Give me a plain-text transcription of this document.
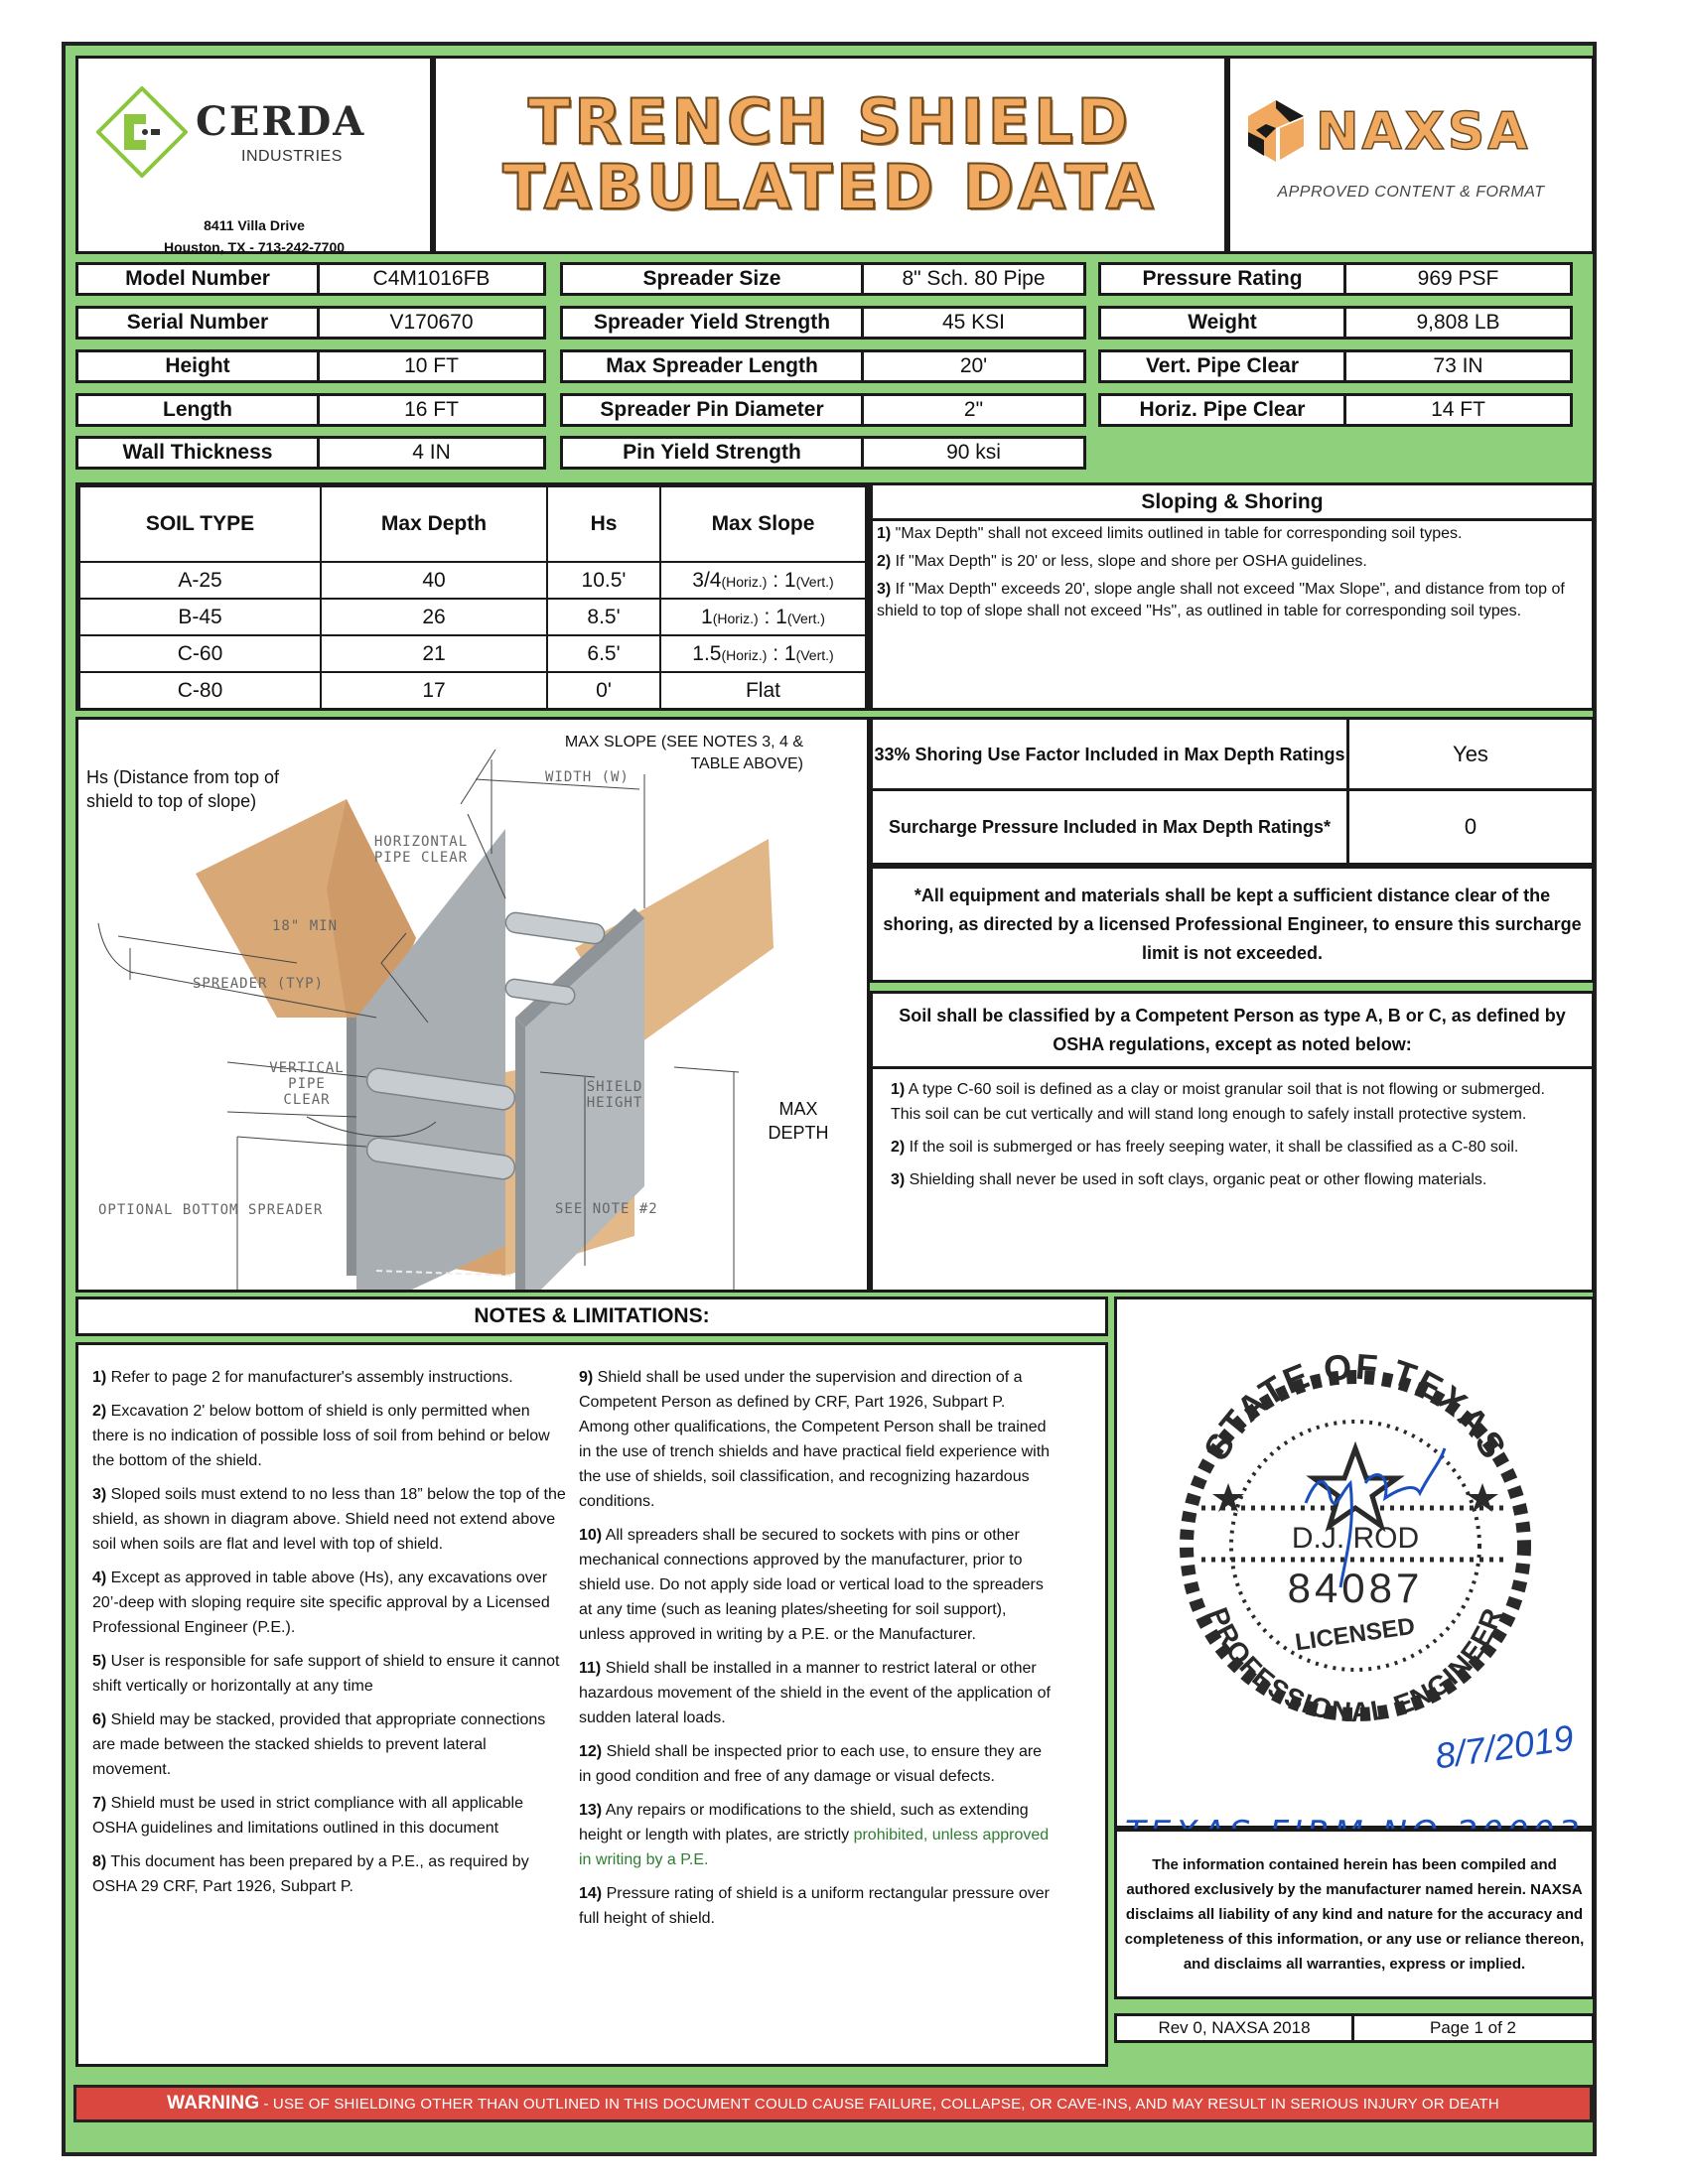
CERDA
INDUSTRIES
8411 Villa Drive
Houston, TX - 713-242-7700
TRENCH SHIELD
TABULATED DATA
NAXSA
APPROVED CONTENT & FORMAT
Model Number	C4M1016FB
Serial Number	V170670
Height	10 FT
Length	16 FT
Wall Thickness	4 IN
Spreader Size	8" Sch. 80 Pipe
Spreader Yield Strength	45 KSI
Max Spreader Length	20'
Spreader Pin Diameter	2"
Pin Yield Strength	90 ksi
Pressure Rating	969 PSF
Weight	9,808 LB
Vert. Pipe Clear	73 IN
Horiz. Pipe Clear	14 FT
SOIL TYPE	Max Depth	Hs	Max Slope
A-25	40	10.5'	3/4(Horiz.) : 1(Vert.)
B-45	26	8.5'	1(Horiz.) : 1(Vert.)
C-60	21	6.5'	1.5(Horiz.) : 1(Vert.)
C-80	17	0'	Flat
Sloping & Shoring

1) "Max Depth" shall not exceed limits outlined in table for corresponding soil types.

2) If "Max Depth" is 20' or less, slope and shore per OSHA guidelines.

3) If "Max Depth" exceeds 20', slope angle shall not exceed "Max Slope", and distance from top of shield to top of slope shall not exceed "Hs", as outlined in table for corresponding soil types.

Hs (Distance from top of shield to top of slope)
MAX SLOPE (SEE NOTES 3, 4 & TABLE ABOVE)
WIDTH (W)
HORIZONTAL PIPE CLEAR
18" MIN
SPREADER (TYP)
VERTICAL PIPE CLEAR
SHIELD HEIGHT	MAX DEPTH
OPTIONAL BOTTOM SPREADER	SEE NOTE #2
33% Shoring Use Factor Included in Max Depth Ratings	Yes
Surcharge Pressure Included in Max Depth Ratings*	0
*All equipment and materials shall be kept a sufficient distance clear of the shoring, as directed by a licensed Professional Engineer, to ensure this surcharge limit is not exceeded.
Soil shall be classified by a Competent Person as type A, B or C, as defined by OSHA regulations, except as noted below:

1) A type C-60 soil is defined as a clay or moist granular soil that is not flowing or submerged. This soil can be cut vertically and will stand long enough to safely install protective system.

2) If the soil is submerged or has freely seeping water, it shall be classified as a C-80 soil.

3) Shielding shall never be used in soft clays, organic peat or other flowing materials.

NOTES & LIMITATIONS:

1) Refer to page 2 for manufacturer's assembly instructions.

2) Excavation 2' below bottom of shield is only permitted when there is no indication of possible loss of soil from behind or below the bottom of the shield.

3) Sloped soils must extend to no less than 18” below the top of the shield, as shown in diagram above. Shield need not extend above soil when soils are flat and level with top of shield.

4) Except as approved in table above (Hs), any excavations over 20’-deep with sloping require site specific approval by a Licensed Professional Engineer (P.E.).

5) User is responsible for safe support of shield to ensure it cannot shift vertically or horizontally at any time

6) Shield may be stacked, provided that appropriate connections are made between the stacked shields to prevent lateral movement.

7) Shield must be used in strict compliance with all applicable OSHA guidelines and limitations outlined in this document

8) This document has been prepared by a P.E., as required by OSHA 29 CRF, Part 1926, Subpart P.

9) Shield shall be used under the supervision and direction of a Competent Person as defined by CRF, Part 1926, Subpart P. Among other qualifications, the Competent Person shall be trained in the use of trench shields and have practical field experience with the use of shields, soil classification, and recognizing hazardous conditions.

10) All spreaders shall be secured to sockets with pins or other mechanical connections approved by the manufacturer, prior to shield use. Do not apply side load or vertical load to the spreaders at any time (such as leaning plates/sheeting for soil support), unless approved in writing by a P.E. or the Manufacturer.

11) Shield shall be installed in a manner to restrict lateral or other hazardous movement of the shield in the event of the application of sudden lateral loads.

12) Shield shall be inspected prior to each use, to ensure they are in good condition and free of any damage or visual defects.

13) Any repairs or modifications to the shield, such as extending height or length with plates, are strictly prohibited, unless approved in writing by a P.E.

14) Pressure rating of shield is a uniform rectangular pressure over full height of shield.

STATE OF TEXAS
PROFESSIONAL ENGINEER
D.J. ROD
84087
LICENSED
8/7/2019
The information contained herein has been compiled and authored exclusively by the manufacturer named herein. NAXSA disclaims all liability of any kind and nature for the accuracy and completeness of this information, or any use or reliance thereon, and disclaims all warranties, express or implied.
Rev 0, NAXSA 2018	Page 1 of 2
WARNING - USE OF SHIELDING OTHER THAN OUTLINED IN THIS DOCUMENT COULD CAUSE FAILURE, COLLAPSE, OR CAVE-INS, AND MAY RESULT IN SERIOUS INJURY OR DEATH
